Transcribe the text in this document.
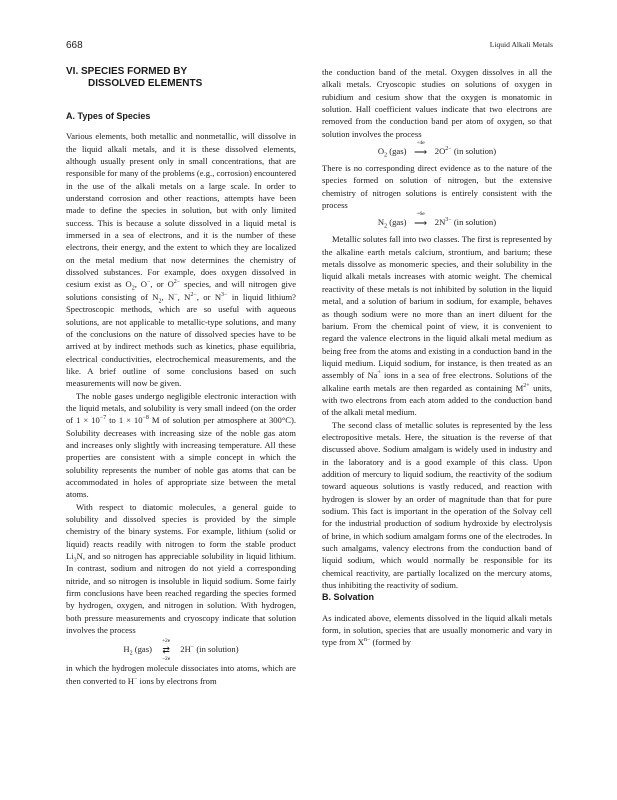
668	Liquid Alkali Metals
VI. SPECIES FORMED BY
DISSOLVED ELEMENTS
A. Types of Species

Various elements, both metallic and nonmetallic, will dissolve in the liquid alkali metals, and it is these dissolved elements, although usually present only in small concentrations, that are responsible for many of the problems (e.g., corrosion) encountered in the use of the alkali metals on a large scale. In order to understand corrosion and other reactions, attempts have been made to define the species in solution, but with only limited success. This is because a solute dissolved in a liquid metal is immersed in a sea of electrons, and it is the number of these electrons, their energy, and the extent to which they are localized on the metal medium that now determines the chemistry of dissolved substances. For example, does oxygen dissolved in cesium exist as $O_2$, O−, or $O^{2-}$ species, and will nitrogen give solutions consisting of $N_2$, N−, $N^{2-}$, or $N^{3-}$ in liquid lithium? Spectroscopic methods, which are so useful with aqueous solutions, are not applicable to metallic-type solutions, and many of the conclusions on the nature of dissolved species have to be arrived at by indirect methods such as kinetics, phase equilibria, electrical conductivities, electrochemical measurements, and the like. A brief outline of some conclusions based on such measurements will now be given.

The noble gases undergo negligible electronic interaction with the liquid metals, and solubility is very small indeed (on the order of $1 \times 10^{-7}$ to $1 \times 10^{-8}$ M of solution per atmosphere at 300°C). Solubility decreases with increasing size of the noble gas atom and increases only slightly with increasing temperature. All these properties are consistent with a simple concept in which the solubility represents the number of noble gas atoms that can be accommodated in holes of appropriate size between the metal atoms.

With respect to diatomic molecules, a general guide to solubility and dissolved species is provided by the simple chemistry of the binary systems. For example, lithium (solid or liquid) reacts readily with nitrogen to form the stable product $Li_3N$, and so nitrogen has appreciable solubility in liquid lithium. In contrast, sodium and nitrogen do not yield a corresponding nitride, and so nitrogen is insoluble in liquid sodium. Some fairly firm conclusions have been reached regarding the species formed by hydrogen, oxygen, and nitrogen in solution. With hydrogen, both pressure measurements and cryoscopy indicate that solution involves the process

$H_2$ (gas)
+2e
⇄
−2e
2H− (in solution)

in which the hydrogen molecule dissociates into atoms, which are then converted to H− ions by electrons from

the conduction band of the metal. Oxygen dissolves in all the alkali metals. Cryoscopic studies on solutions of oxygen in rubidium and cesium show that the oxygen is monatomic in solution. Hall coefficient values indicate that two electrons are removed from the conduction band per atom of oxygen, so that solution involves the process

$O_2$ (gas)
+4e
⟶ $2O^{2-}$ (in solution)

There is no corresponding direct evidence as to the nature of the species formed on solution of nitrogen, but the extensive chemistry of nitrogen solutions is entirely consistent with the process

$N_2$ (gas)
+6e
⟶ $2N^{3-}$ (in solution)

Metallic solutes fall into two classes. The first is represented by the alkaline earth metals calcium, strontium, and barium; these metals dissolve as monomeric species, and their solubility in the liquid alkali metals increases with atomic weight. The chemical reactivity of these metals is not inhibited by solution in the liquid metal, and a solution of barium in sodium, for example, behaves as though sodium were no more than an inert diluent for the barium. From the chemical point of view, it is convenient to regard the valence electrons in the liquid alkali metal medium as being free from the atoms and existing in a conduction band in the liquid medium. Liquid sodium, for instance, is then treated as an assembly of Na+ ions in a sea of free electrons. Solutions of the alkaline earth metals are then regarded as containing $M^{2+}$ units, with two electrons from each atom added to the conduction band of the alkali metal medium.

The second class of metallic solutes is represented by the less electropositive metals. Here, the situation is the reverse of that discussed above. Sodium amalgam is widely used in industry and in the laboratory and is a good example of this class. Upon addition of mercury to liquid sodium, the reactivity of the sodium toward aqueous solutions is vastly reduced, and reaction with hydrogen is slower by an order of magnitude than that for pure sodium. This fact is important in the operation of the Solvay cell for the industrial production of sodium hydroxide by electrolysis of brine, in which sodium amalgam forms one of the electrodes. In such amalgams, valency electrons from the conduction band of liquid sodium, which would normally be responsible for its chemical reactivity, are partially localized on the mercury atoms, thus inhibiting the reactivity of sodium.

B. Solvation

As indicated above, elements dissolved in the liquid alkali metals form, in solution, species that are usually monomeric and vary in type from $X^{n-}$ (formed by
